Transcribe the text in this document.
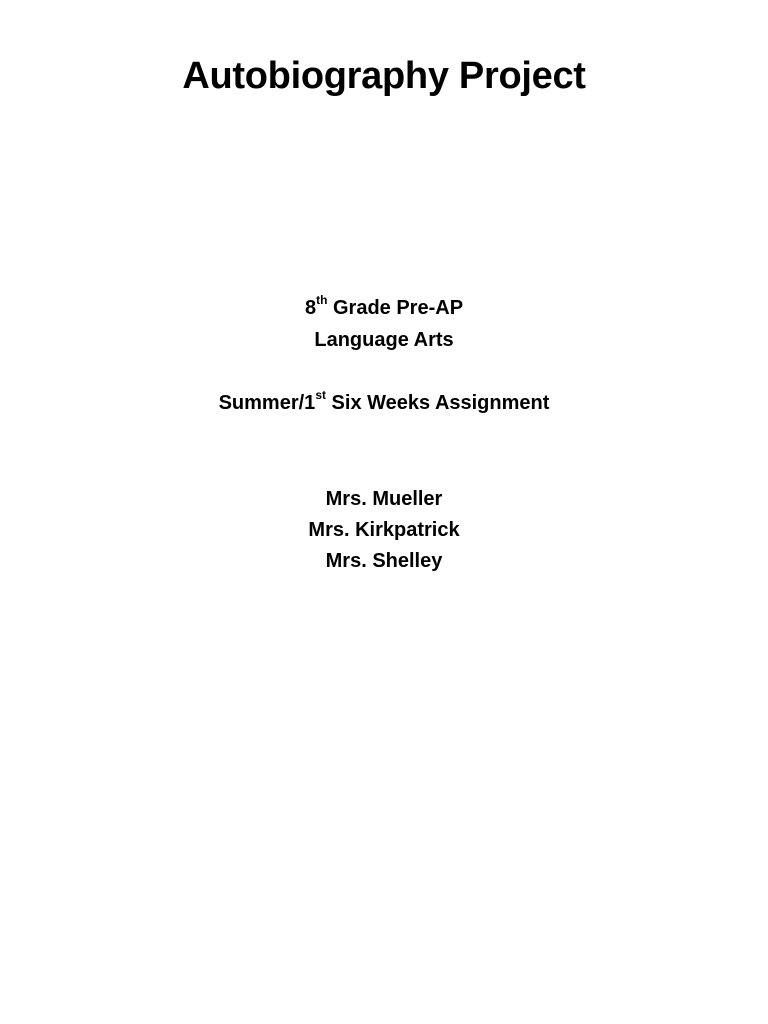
Autobiography Project

8th Grade Pre-AP

Language Arts

Summer/1st Six Weeks Assignment

Mrs. Mueller

Mrs. Kirkpatrick

Mrs. Shelley
